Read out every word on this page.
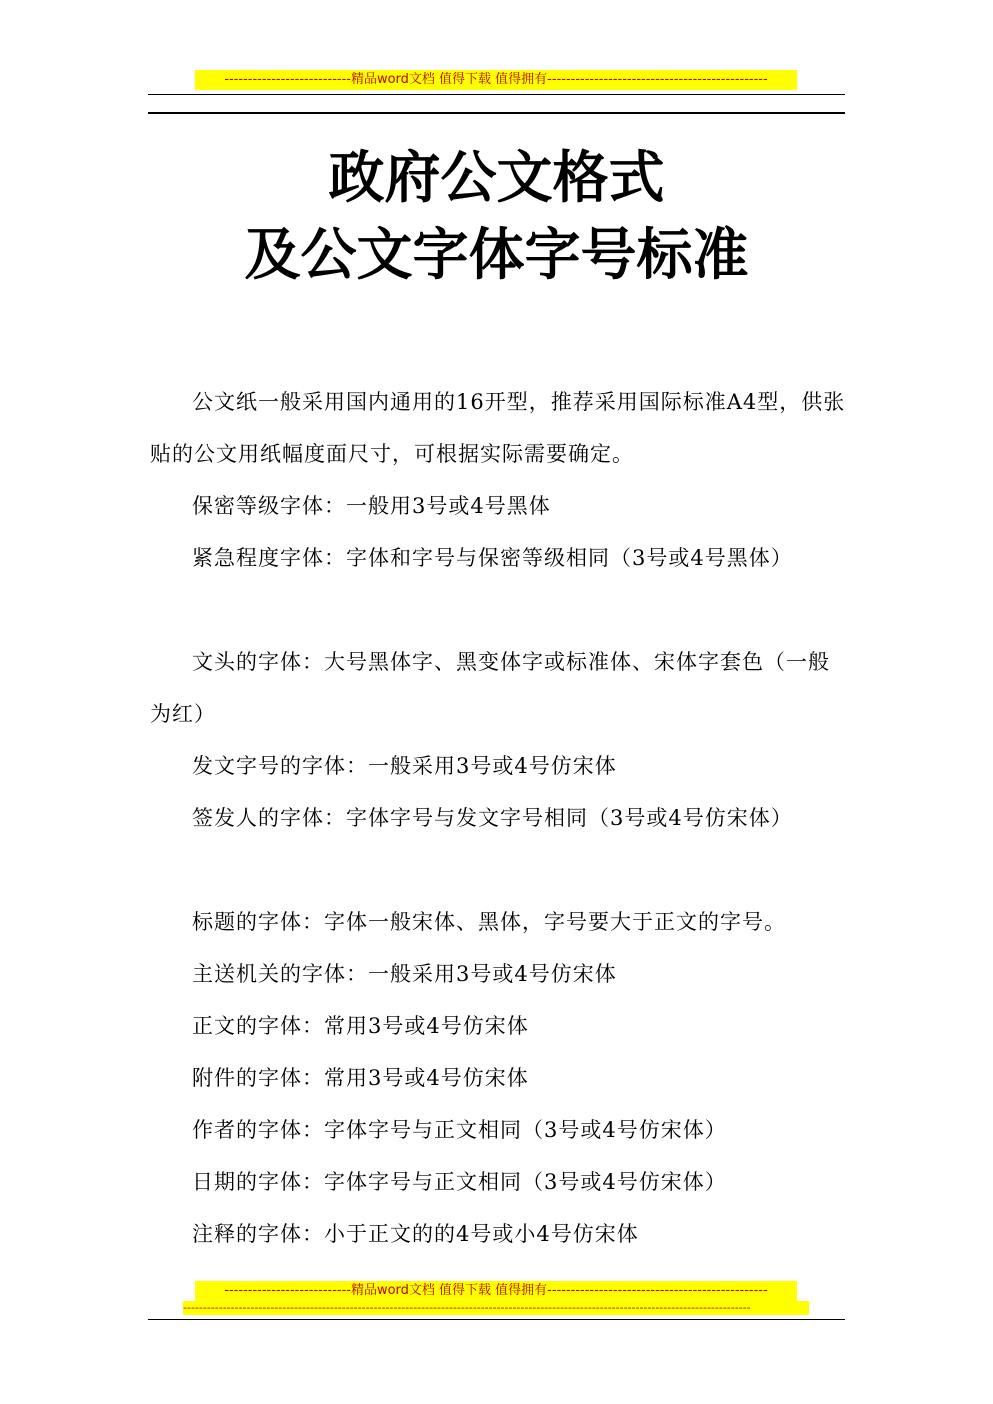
---------------------------精品word文档 值得下载 值得拥有-----------------------------------------------
政府公文格式
及公文字体字号标准

公文纸一般采用国内通用的16开型，推荐采用国际标准A4型，供张贴的公文用纸幅度面尺寸，可根据实际需要确定。

保密等级字体：一般用3号或4号黑体

紧急程度字体：字体和字号与保密等级相同（3号或4号黑体）

文头的字体：大号黑体字、黑变体字或标准体、宋体字套色（一般为红）

发文字号的字体：一般采用3号或4号仿宋体

签发人的字体：字体字号与发文字号相同（3号或4号仿宋体）

标题的字体：字体一般宋体、黑体，字号要大于正文的字号。

主送机关的字体：一般采用3号或4号仿宋体

正文的字体：常用3号或4号仿宋体

附件的字体：常用3号或4号仿宋体

作者的字体：字体字号与正文相同（3号或4号仿宋体）

日期的字体：字体字号与正文相同（3号或4号仿宋体）

注释的字体：小于正文的的4号或小4号仿宋体

---------------------------精品word文档 值得下载 值得拥有-----------------------------------------------
-----------------------------------------------------------------------------------------------------------------------------------------------
